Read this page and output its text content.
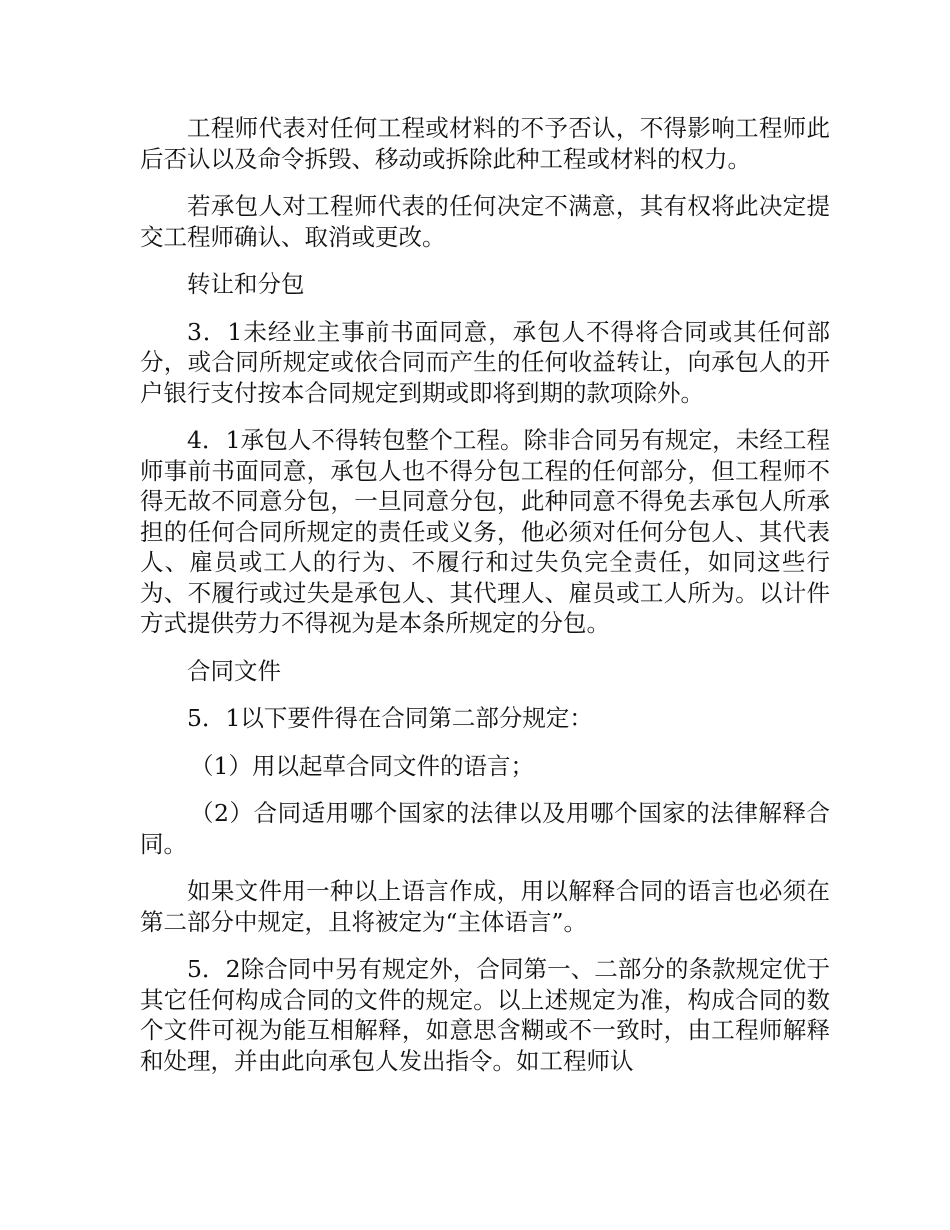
工程师代表对任何工程或材料的不予否认，不得影响工程师此后否认以及命令拆毁、移动或拆除此种工程或材料的权力。

若承包人对工程师代表的任何决定不满意，其有权将此决定提交工程师确认、取消或更改。

转让和分包

3．1未经业主事前书面同意，承包人不得将合同或其任何部分，或合同所规定或依合同而产生的任何收益转让，向承包人的开户银行支付按本合同规定到期或即将到期的款项除外。

4．1承包人不得转包整个工程。除非合同另有规定，未经工程师事前书面同意，承包人也不得分包工程的任何部分，但工程师不得无故不同意分包，一旦同意分包，此种同意不得免去承包人所承担的任何合同所规定的责任或义务，他必须对任何分包人、其代表人、雇员或工人的行为、不履行和过失负完全责任，如同这些行为、不履行或过失是承包人、其代理人、雇员或工人所为。以计件方式提供劳力不得视为是本条所规定的分包。

合同文件

5．1以下要件得在合同第二部分规定：

（1）用以起草合同文件的语言；

（2）合同适用哪个国家的法律以及用哪个国家的法律解释合同。

如果文件用一种以上语言作成，用以解释合同的语言也必须在第二部分中规定，且将被定为“主体语言”。

5．2除合同中另有规定外，合同第一、二部分的条款规定优于其它任何构成合同的文件的规定。以上述规定为准，构成合同的数个文件可视为能互相解释，如意思含糊或不一致时，由工程师解释和处理，并由此向承包人发出指令。如工程师认
